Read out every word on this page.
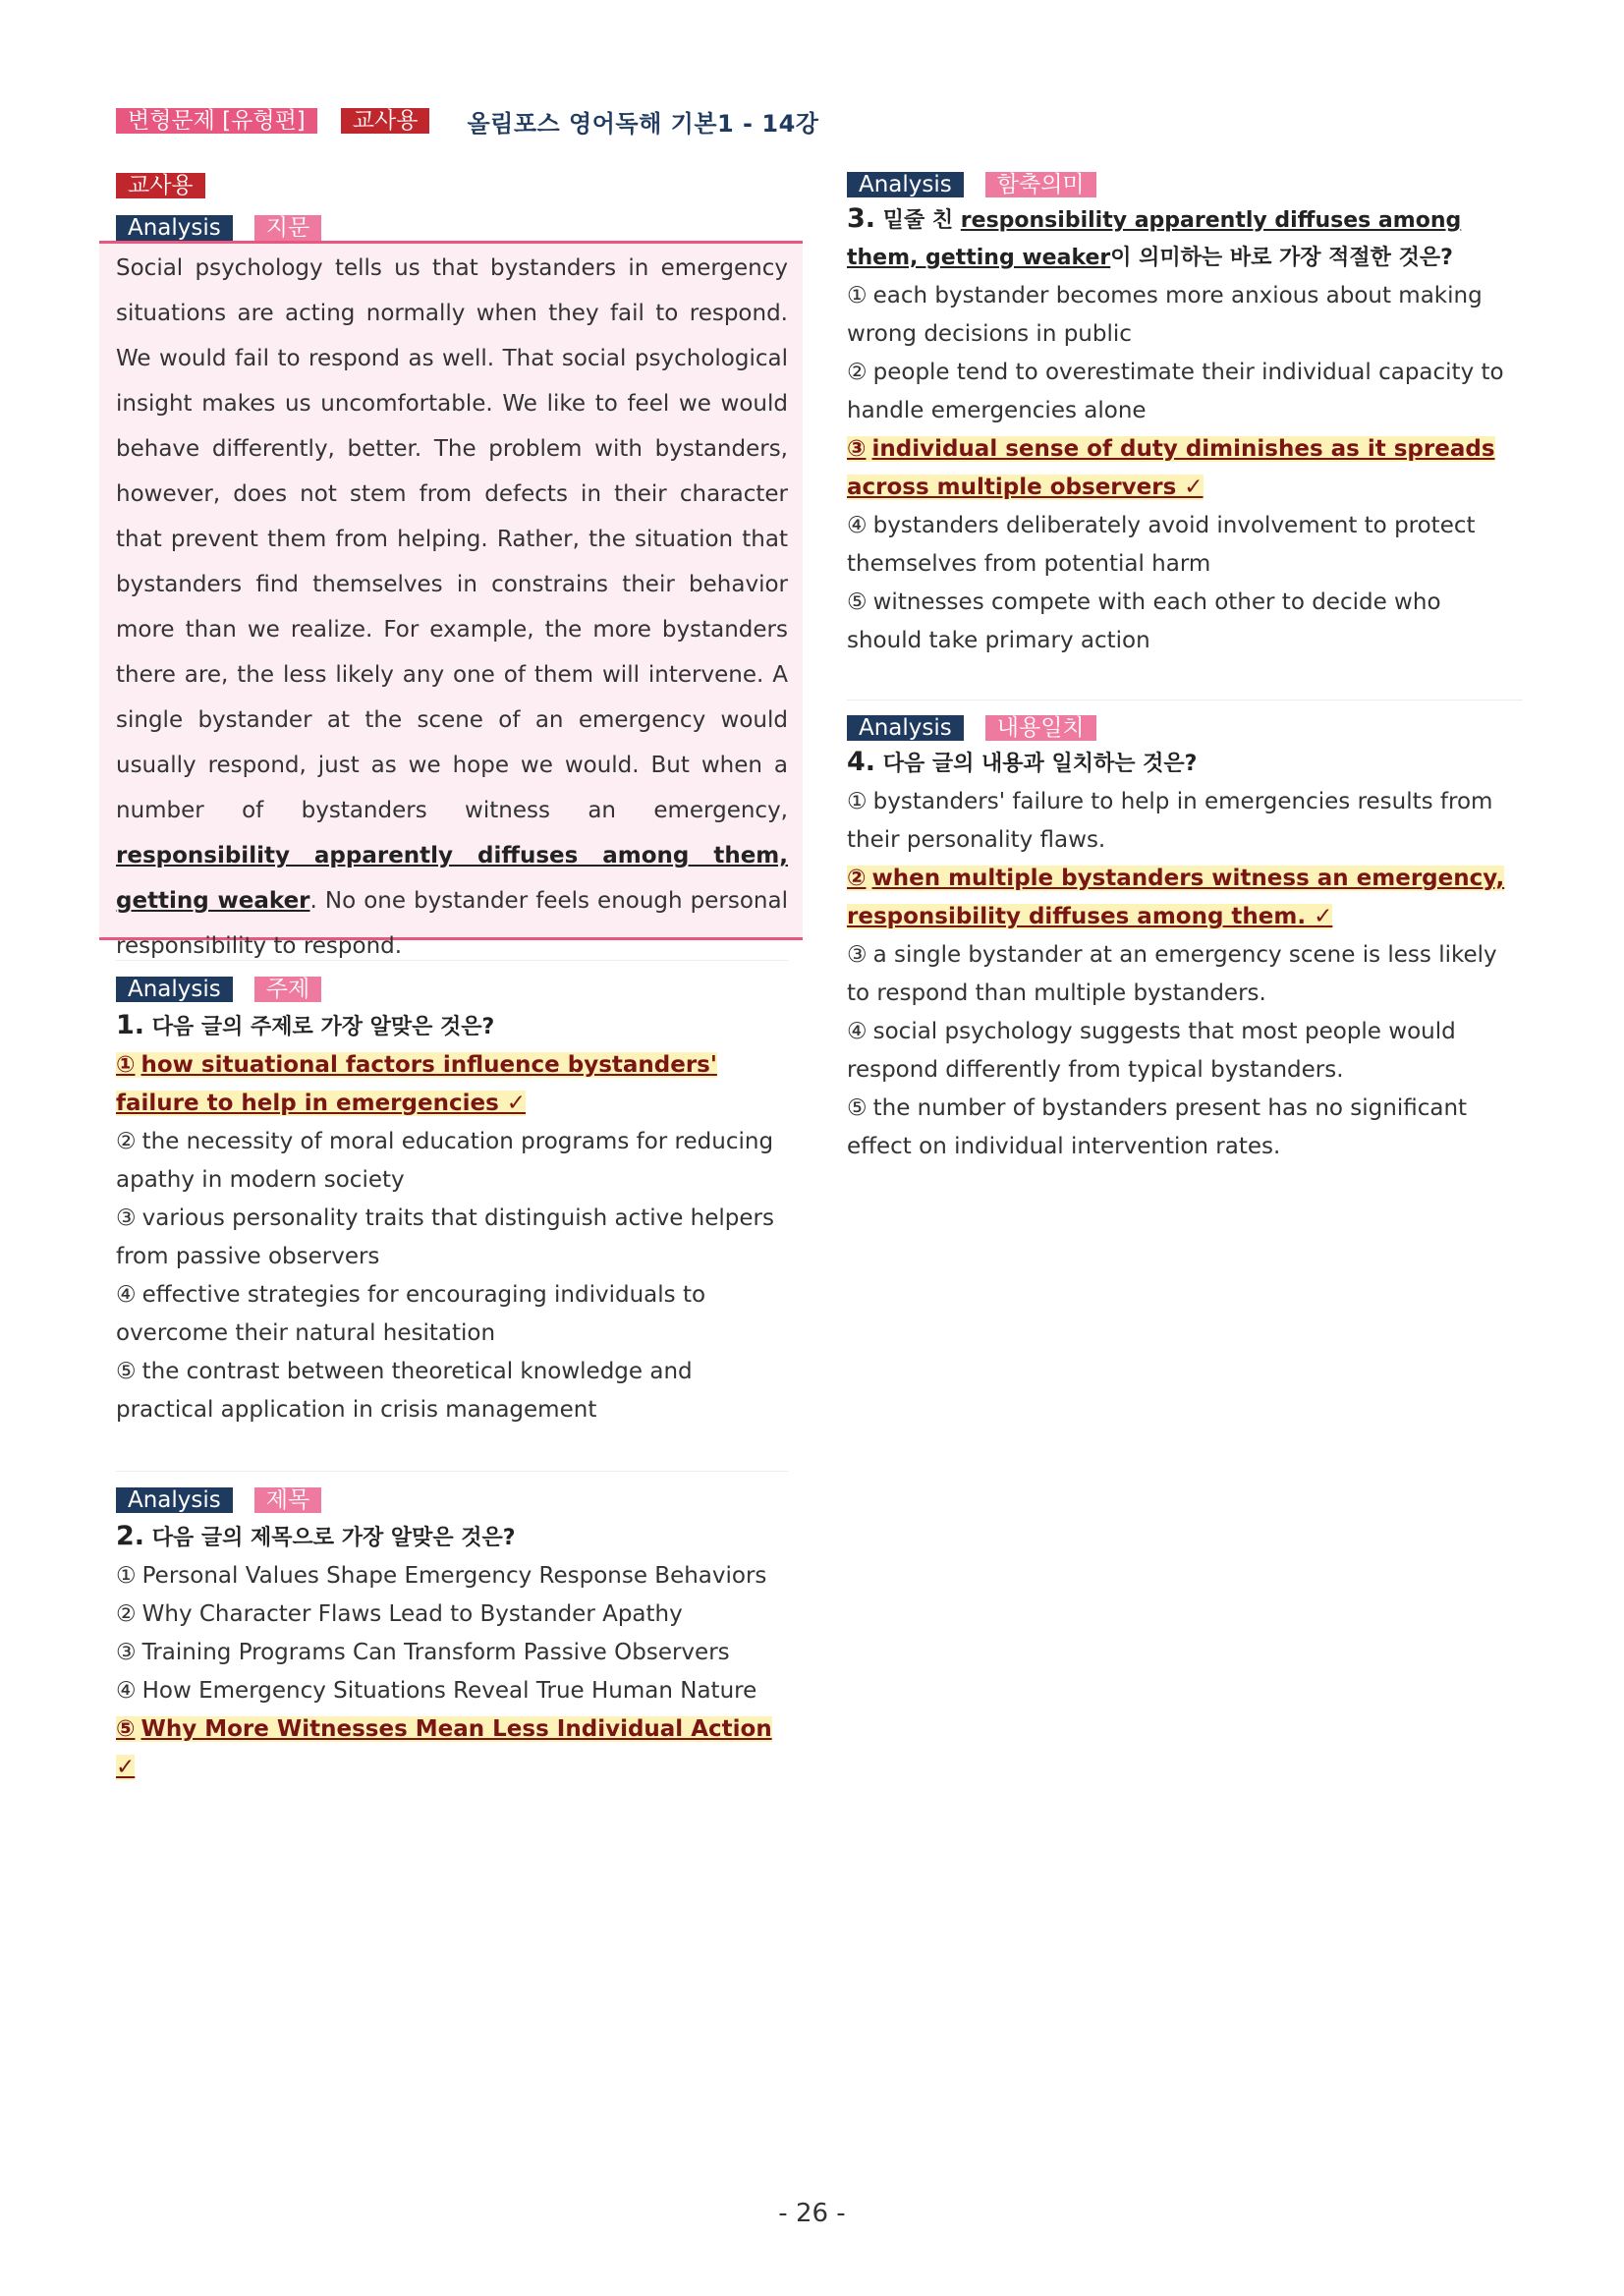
변형문제 [유형편]	교사용	올림포스 영어독해 기본1 - 14강
교사용
Analysis	지문
Social psychology tells us that bystanders in emergency situations are acting normally when they fail to respond. We would fail to respond as well. That social psychological insight makes us uncomfortable. We like to feel we would behave differently, better. The problem with bystanders, however, does not stem from defects in their character that prevent them from helping. Rather, the situation that bystanders find themselves in constrains their behavior more than we realize. For example, the more bystanders there are, the less likely any one of them will intervene. A single bystander at the scene of an emergency would usually respond, just as we hope we would. But when a number of bystanders witness an emergency, responsibility apparently diffuses among them, getting weaker. No one bystander feels enough personal responsibility to respond.
Analysis	주제
1. 다음 글의 주제로 가장 알맞은 것은?
① how situational factors influence bystanders' failure to help in emergencies ✓
② the necessity of moral education programs for reducing apathy in modern society
③ various personality traits that distinguish active helpers from passive observers
④ effective strategies for encouraging individuals to overcome their natural hesitation
⑤ the contrast between theoretical knowledge and practical application in crisis management
Analysis	제목
2. 다음 글의 제목으로 가장 알맞은 것은?
① Personal Values Shape Emergency Response Behaviors
② Why Character Flaws Lead to Bystander Apathy
③ Training Programs Can Transform Passive Observers
④ How Emergency Situations Reveal True Human Nature
⑤ Why More Witnesses Mean Less Individual Action ✓
Analysis	함축의미
3. 밑줄 친 responsibility apparently diffuses among them, getting weaker이 의미하는 바로 가장 적절한 것은?
① each bystander becomes more anxious about making wrong decisions in public
② people tend to overestimate their individual capacity to handle emergencies alone
③ individual sense of duty diminishes as it spreads across multiple observers ✓
④ bystanders deliberately avoid involvement to protect themselves from potential harm
⑤ witnesses compete with each other to decide who should take primary action
Analysis	내용일치
4. 다음 글의 내용과 일치하는 것은?
① bystanders' failure to help in emergencies results from their personality flaws.
② when multiple bystanders witness an emergency, responsibility diffuses among them. ✓
③ a single bystander at an emergency scene is less likely to respond than multiple bystanders.
④ social psychology suggests that most people would respond differently from typical bystanders.
⑤ the number of bystanders present has no significant effect on individual intervention rates.
- 26 -
